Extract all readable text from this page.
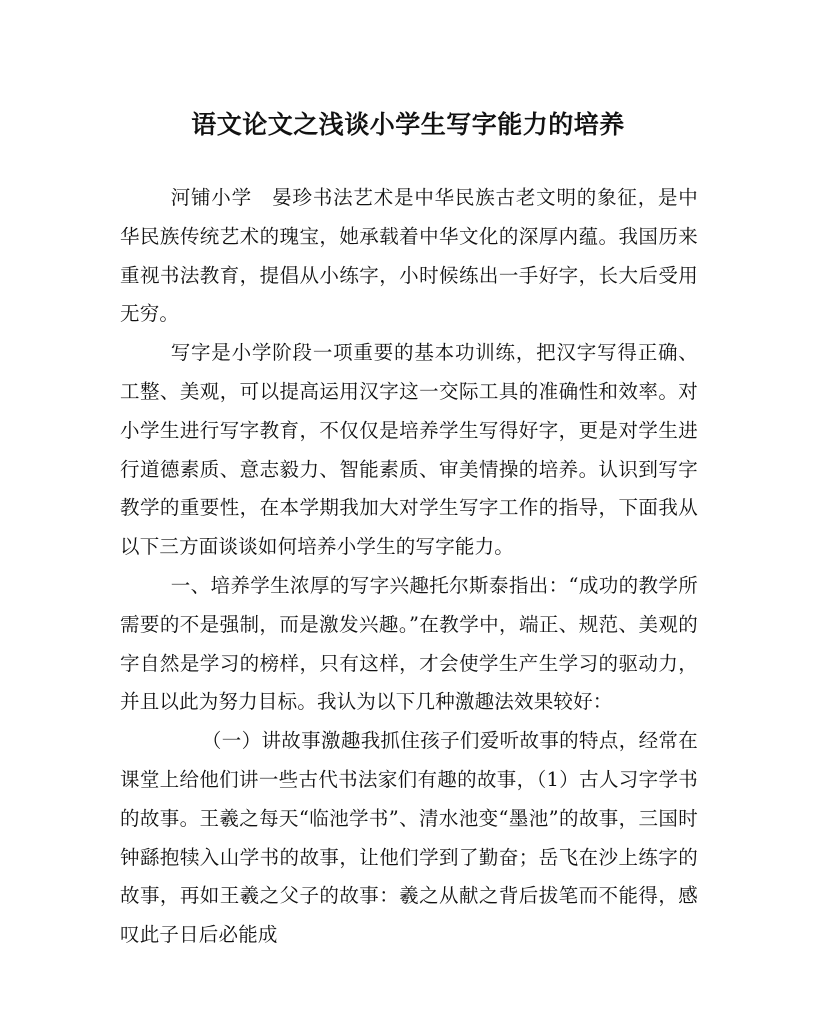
语文论文之浅谈小学生写字能力的培养

河铺小学　晏珍书法艺术是中华民族古老文明的象征，是中华民族传统艺术的瑰宝，她承载着中华文化的深厚内蕴。我国历来重视书法教育，提倡从小练字，小时候练出一手好字，长大后受用无穷。

写字是小学阶段一项重要的基本功训练，把汉字写得正确、工整、美观，可以提高运用汉字这一交际工具的准确性和效率。对小学生进行写字教育，不仅仅是培养学生写得好字，更是对学生进行道德素质、意志毅力、智能素质、审美情操的培养。认识到写字教学的重要性，在本学期我加大对学生写字工作的指导，下面我从以下三方面谈谈如何培养小学生的写字能力。

一、培养学生浓厚的写字兴趣托尔斯泰指出：“成功的教学所需要的不是强制，而是激发兴趣。”在教学中，端正、规范、美观的字自然是学习的榜样，只有这样，才会使学生产生学习的驱动力，并且以此为努力目标。我认为以下几种激趣法效果较好：

（一）讲故事激趣我抓住孩子们爱听故事的特点，经常在课堂上给他们讲一些古代书法家们有趣的故事，（1）古人习字学书的故事。王羲之每天“临池学书”、清水池变“墨池”的故事，三国时钟繇抱犊入山学书的故事，让他们学到了勤奋；岳飞在沙上练字的故事，再如王羲之父子的故事：羲之从献之背后拔笔而不能得，感叹此子日后必能成
